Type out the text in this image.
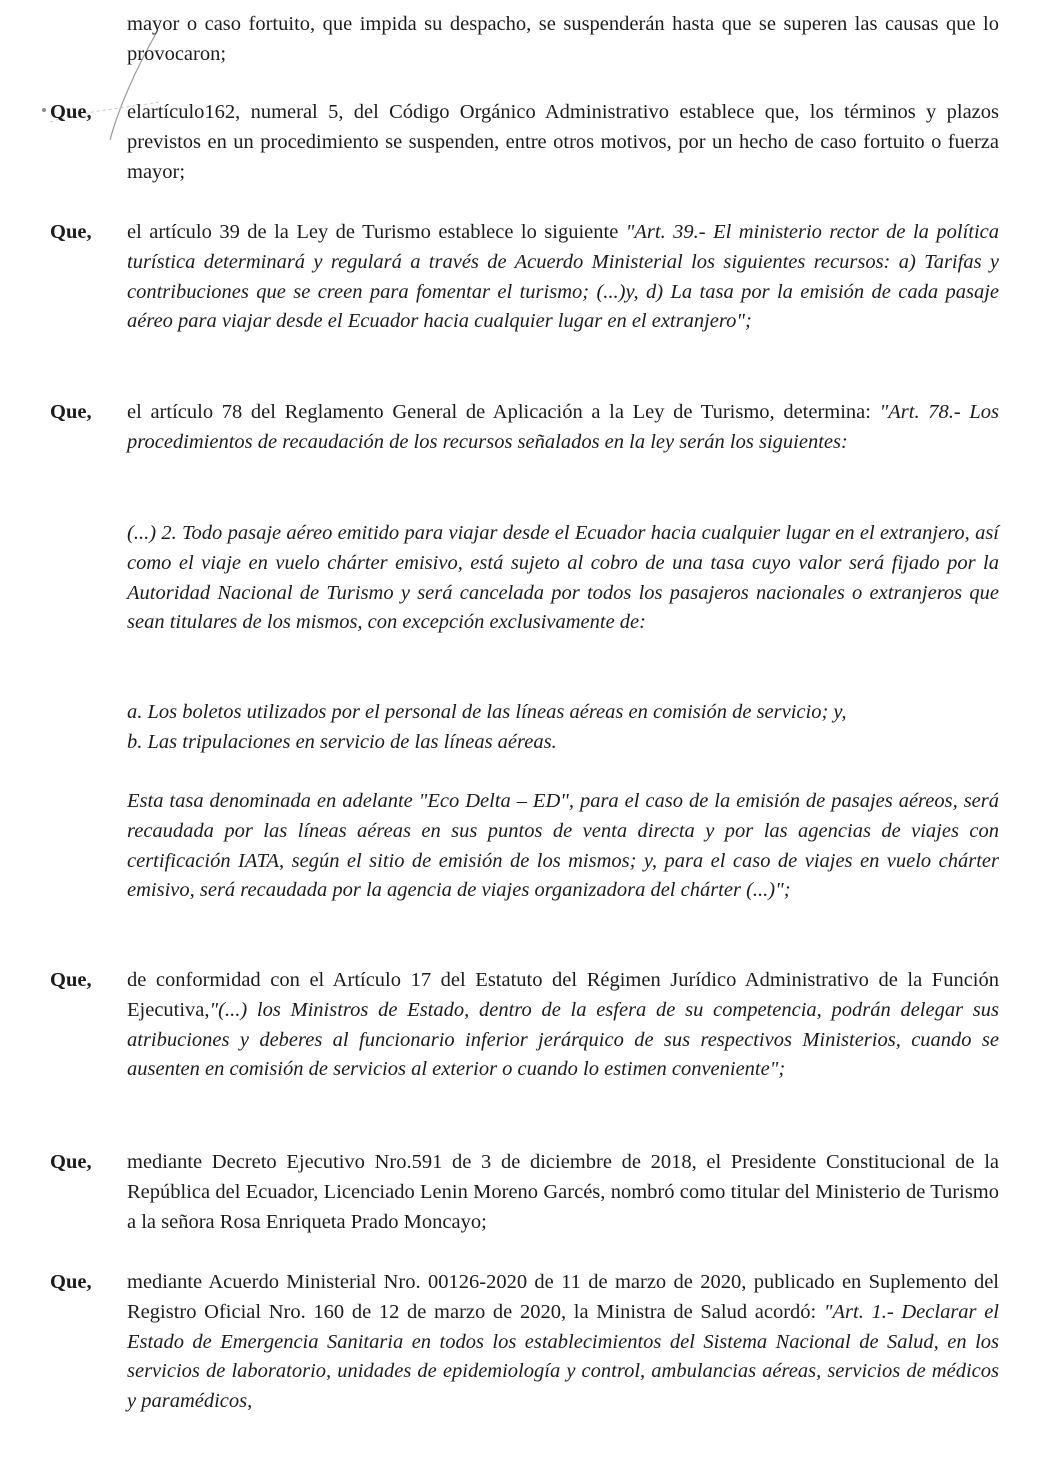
mayor o caso fortuito, que impida su despacho, se suspenderán hasta que se superen las causas que lo provocaron;
Que, elartículo162, numeral 5, del Código Orgánico Administrativo establece que, los términos y plazos previstos en un procedimiento se suspenden, entre otros motivos, por un hecho de caso fortuito o fuerza mayor;
Que, el artículo 39 de la Ley de Turismo establece lo siguiente "Art. 39.- El ministerio rector de la política turística determinará y regulará a través de Acuerdo Ministerial los siguientes recursos: a) Tarifas y contribuciones que se creen para fomentar el turismo; (...)y, d) La tasa por la emisión de cada pasaje aéreo para viajar desde el Ecuador hacia cualquier lugar en el extranjero";
Que, el artículo 78 del Reglamento General de Aplicación a la Ley de Turismo, determina: "Art. 78.- Los procedimientos de recaudación de los recursos señalados en la ley serán los siguientes:
(...) 2. Todo pasaje aéreo emitido para viajar desde el Ecuador hacia cualquier lugar en el extranjero, así como el viaje en vuelo chárter emisivo, está sujeto al cobro de una tasa cuyo valor será fijado por la Autoridad Nacional de Turismo y será cancelada por todos los pasajeros nacionales o extranjeros que sean titulares de los mismos, con excepción exclusivamente de:
a. Los boletos utilizados por el personal de las líneas aéreas en comisión de servicio; y,
b. Las tripulaciones en servicio de las líneas aéreas.
Esta tasa denominada en adelante "Eco Delta – ED", para el caso de la emisión de pasajes aéreos, será recaudada por las líneas aéreas en sus puntos de venta directa y por las agencias de viajes con certificación IATA, según el sitio de emisión de los mismos; y, para el caso de viajes en vuelo chárter emisivo, será recaudada por la agencia de viajes organizadora del chárter (...)";
Que, de conformidad con el Artículo 17 del Estatuto del Régimen Jurídico Administrativo de la Función Ejecutiva,"(...) los Ministros de Estado, dentro de la esfera de su competencia, podrán delegar sus atribuciones y deberes al funcionario inferior jerárquico de sus respectivos Ministerios, cuando se ausenten en comisión de servicios al exterior o cuando lo estimen conveniente";
Que, mediante Decreto Ejecutivo Nro.591 de 3 de diciembre de 2018, el Presidente Constitucional de la República del Ecuador, Licenciado Lenin Moreno Garcés, nombró como titular del Ministerio de Turismo a la señora Rosa Enriqueta Prado Moncayo;
Que, mediante Acuerdo Ministerial Nro. 00126-2020 de 11 de marzo de 2020, publicado en Suplemento del Registro Oficial Nro. 160 de 12 de marzo de 2020, la Ministra de Salud acordó: "Art. 1.- Declarar el Estado de Emergencia Sanitaria en todos los establecimientos del Sistema Nacional de Salud, en los servicios de laboratorio, unidades de epidemiología y control, ambulancias aéreas, servicios de médicos y paramédicos,
